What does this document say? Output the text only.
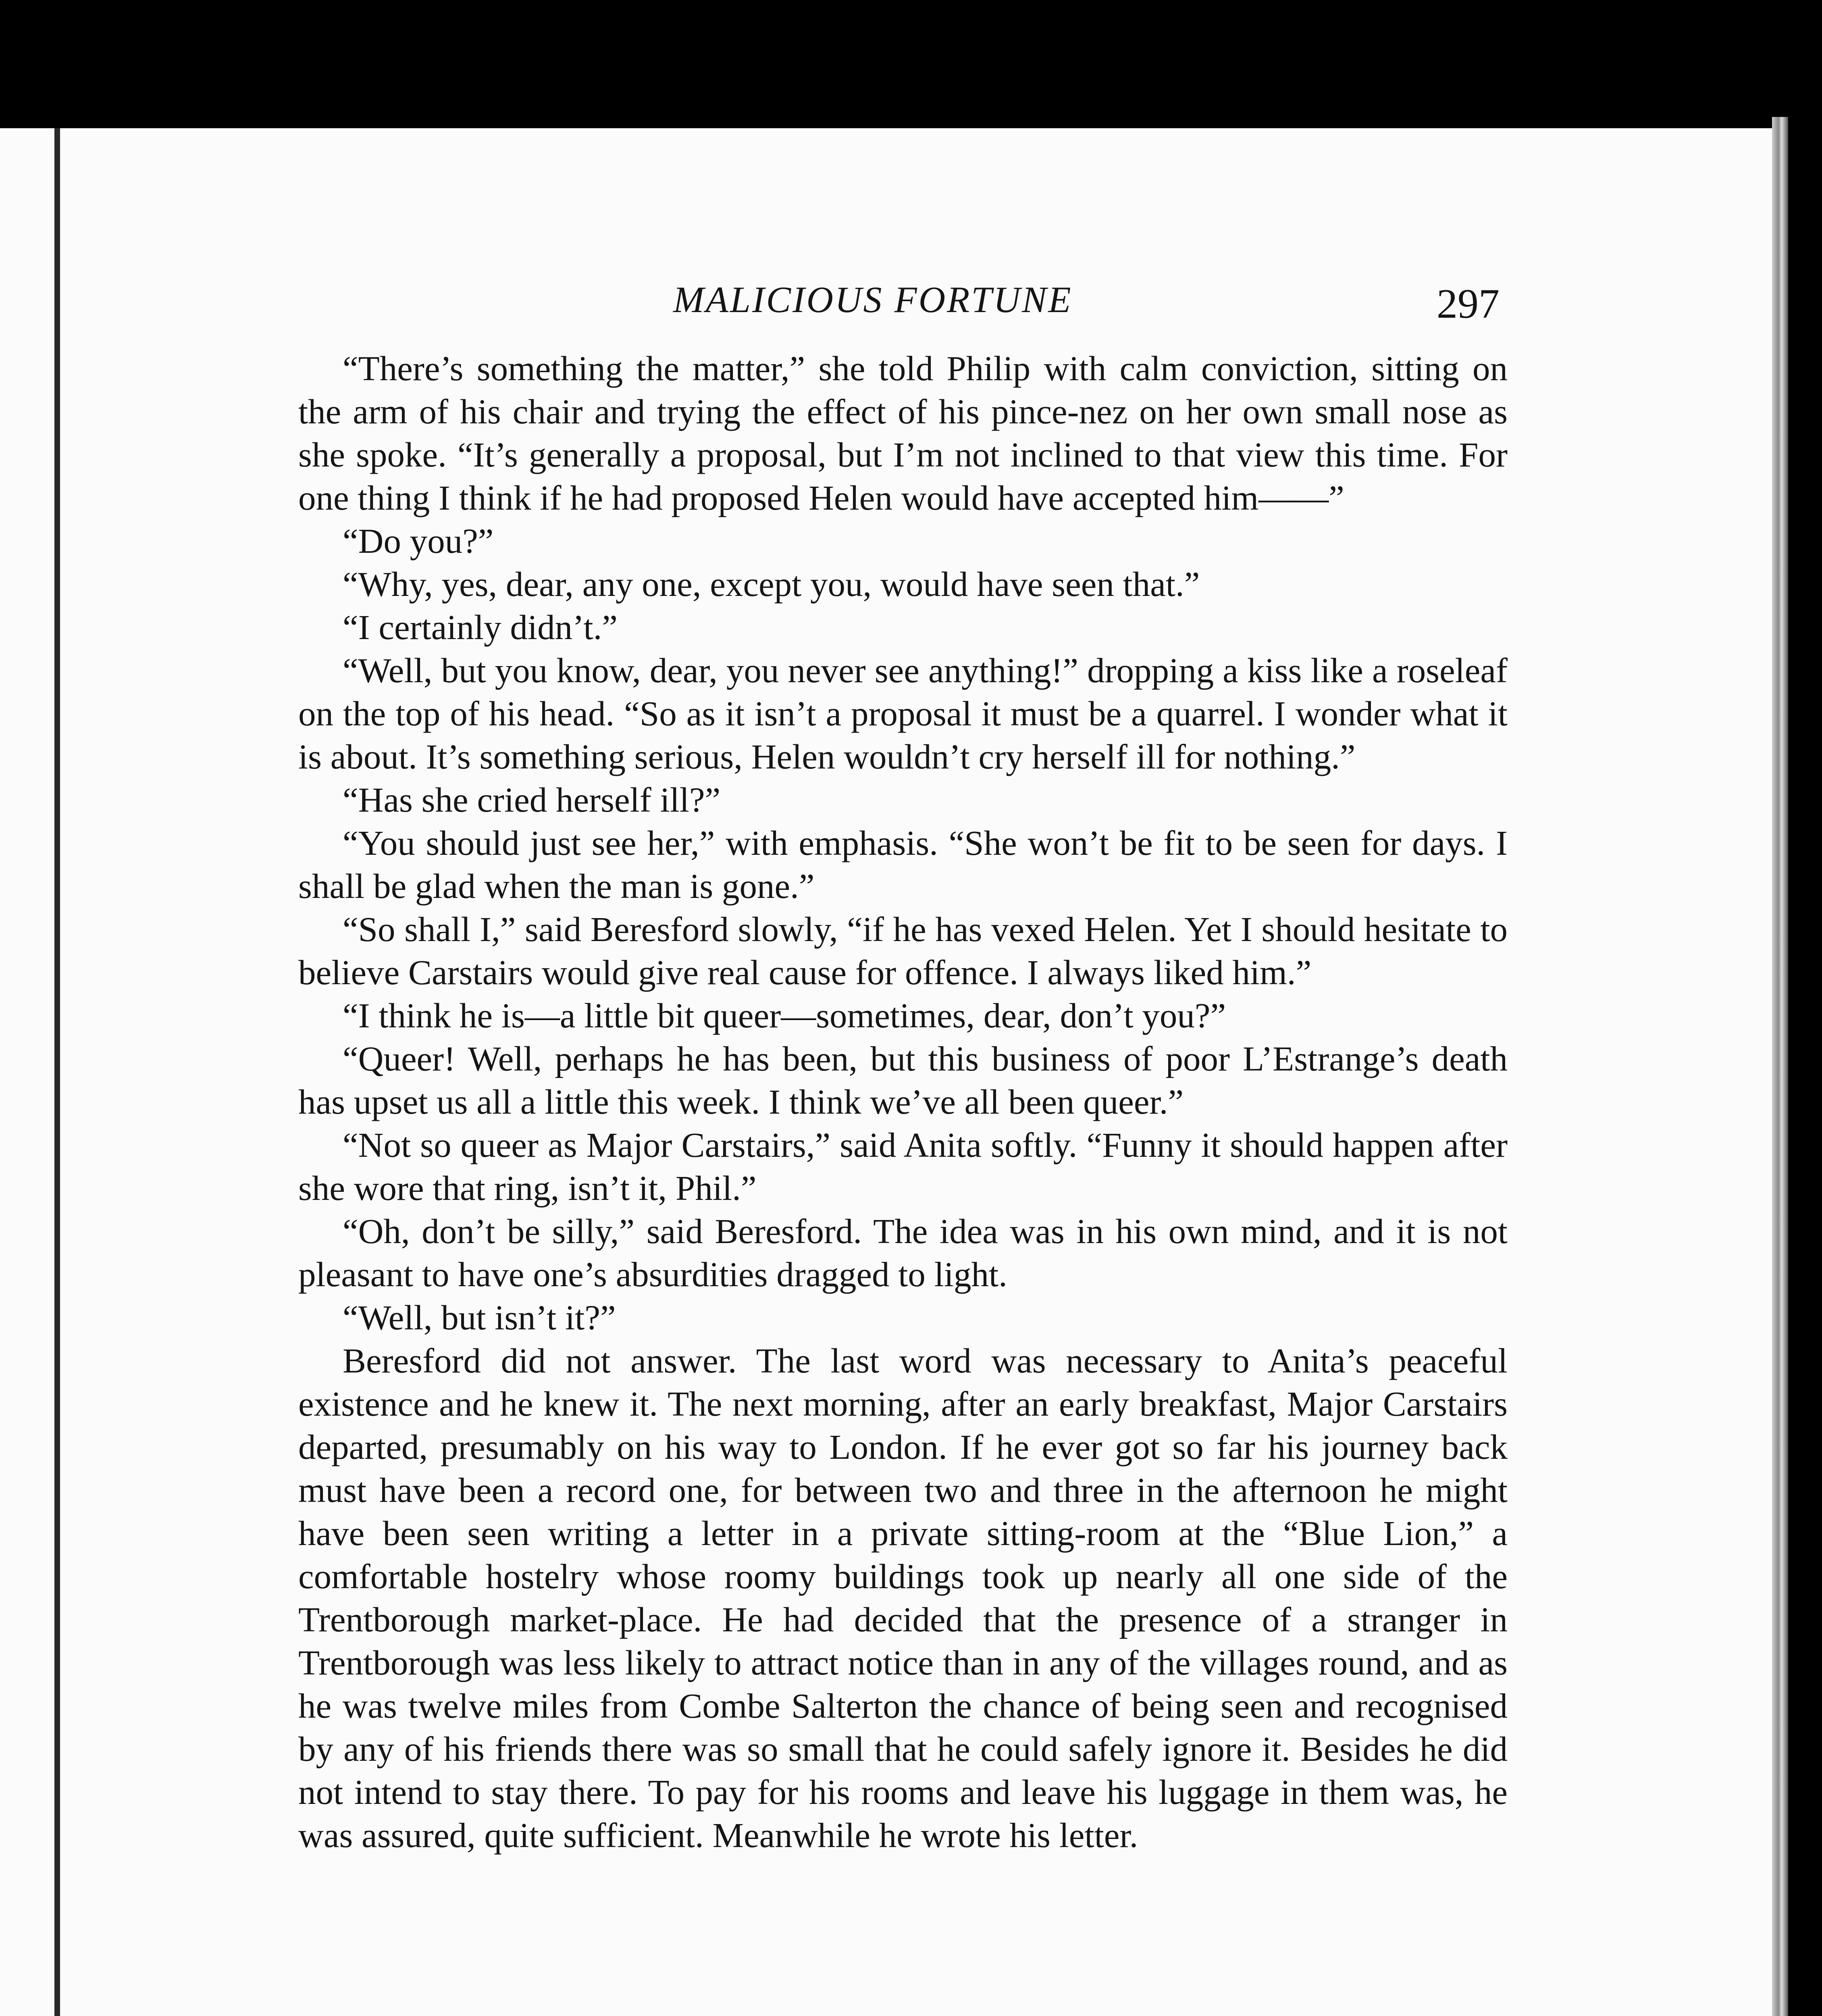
MALICIOUS FORTUNE	297

“There’s something the matter,” she told Philip with calm conviction, sitting on the arm of his chair and trying the effect of his pince-nez on her own small nose as she spoke. “It’s generally a proposal, but I’m not inclined to that view this time. For one thing I think if he had proposed Helen would have accepted him——”

“Do you?”

“Why, yes, dear, any one, except you, would have seen that.”

“I certainly didn’t.”

“Well, but you know, dear, you never see anything!” dropping a kiss like a roseleaf on the top of his head. “So as it isn’t a proposal it must be a quarrel. I wonder what it is about. It’s something serious, Helen wouldn’t cry herself ill for nothing.”

“Has she cried herself ill?”

“You should just see her,” with emphasis. “She won’t be fit to be seen for days. I shall be glad when the man is gone.”

“So shall I,” said Beresford slowly, “if he has vexed Helen. Yet I should hesitate to believe Carstairs would give real cause for offence. I always liked him.”

“I think he is—a little bit queer—sometimes, dear, don’t you?”

“Queer! Well, perhaps he has been, but this business of poor L’Estrange’s death has upset us all a little this week. I think we’ve all been queer.”

“Not so queer as Major Carstairs,” said Anita softly. “Funny it should happen after she wore that ring, isn’t it, Phil.”

“Oh, don’t be silly,” said Beresford. The idea was in his own mind, and it is not pleasant to have one’s absurdities dragged to light.

“Well, but isn’t it?”

Beresford did not answer. The last word was necessary to Anita’s peaceful existence and he knew it. The next morning, after an early breakfast, Major Carstairs departed, presumably on his way to London. If he ever got so far his journey back must have been a record one, for between two and three in the afternoon he might have been seen writing a letter in a private sitting-room at the “Blue Lion,” a comfortable hostelry whose roomy buildings took up nearly all one side of the Trentborough market-place. He had decided that the presence of a stranger in Trentborough was less likely to attract notice than in any of the villages round, and as he was twelve miles from Combe Salterton the chance of being seen and recognised by any of his friends there was so small that he could safely ignore it. Besides he did not intend to stay there. To pay for his rooms and leave his luggage in them was, he was assured, quite sufficient. Meanwhile he wrote his letter.
